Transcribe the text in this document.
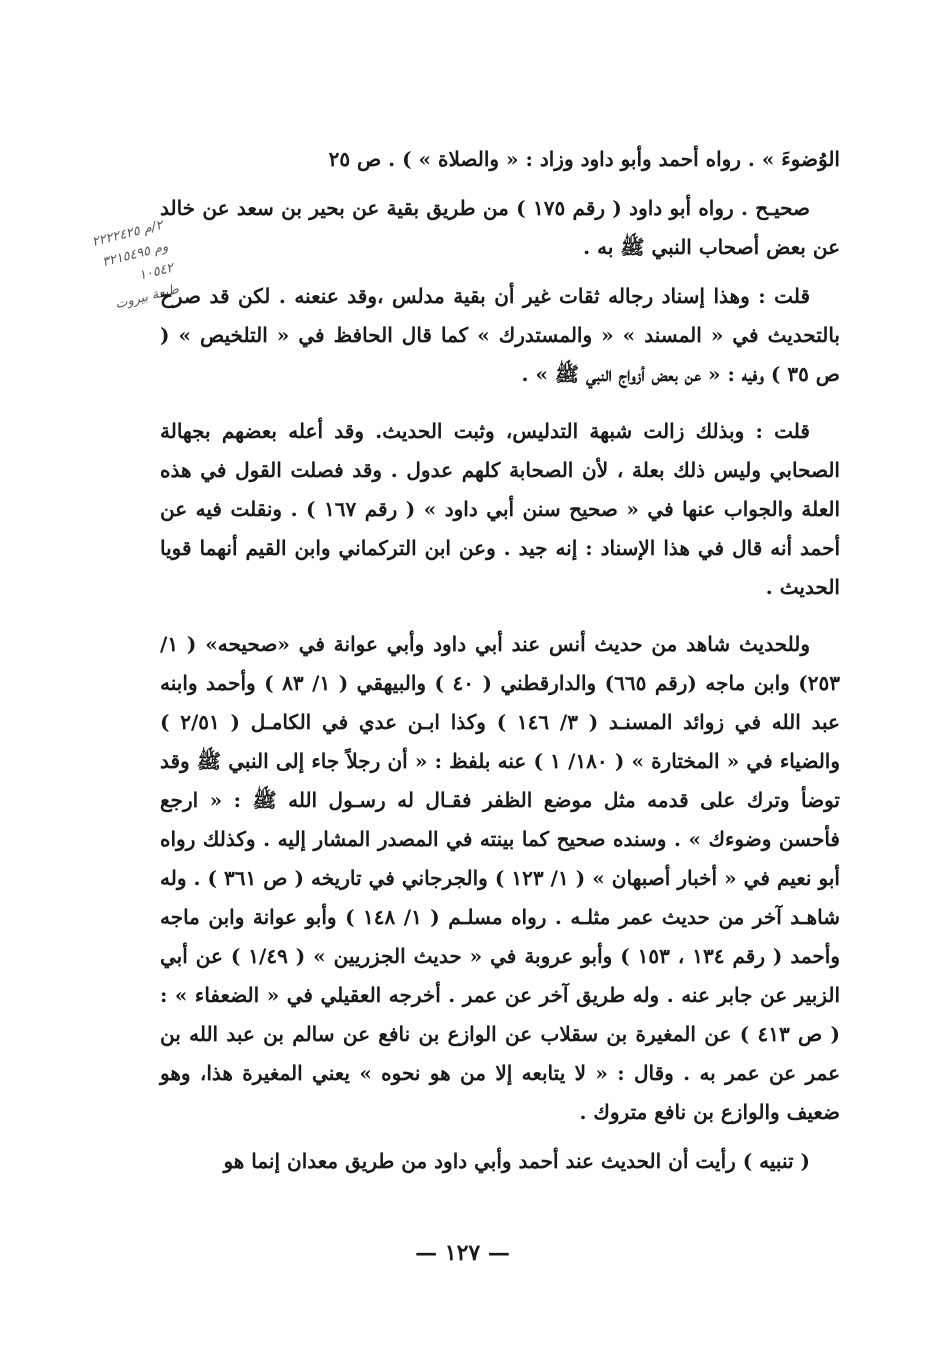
٢/م ٢٢٢٢٤٢٥
وم ٣٢١٥٤٩٥
١٠٥٤٢
طبعة بيروت

الوُضوءَ » . رواه أحمد وأبو داود وزاد : « والصلاة » ) . ص ٢٥

صحيـح . رواه أبو داود ( رقم ١٧٥ ) من طريق بقية عن بحير بن سعد عن خالد عن بعض أصحاب النبي ﷺ به .

قلت : وهذا إسناد رجاله ثقات غير أن بقية مدلس ،وقد عنعنه . لكن قد صرح بالتحديث في « المسند » « والمستدرك » كما قال الحافظ في « التلخيص » ( ص ٣٥ ) وفيه : « عن بعض أزواج النبي ﷺ » .

قلت : وبذلك زالت شبهة التدليس، وثبت الحديث. وقد أعله بعضهم بجهالة الصحابي وليس ذلك بعلة ، لأن الصحابة كلهم عدول . وقد فصلت القول في هذه العلة والجواب عنها في « صحيح سنن أبي داود » ( رقم ١٦٧ ) . ونقلت فيه عن أحمد أنه قال في هذا الإسناد : إنه جيد . وعن ابن التركماني وابن القيم أنهما قويا الحديث .

وللحديث شاهد من حديث أنس عند أبي داود وأبي عوانة في «صحيحه» ( ١/ ٢٥٣) وابن ماجه (رقم ٦٦٥) والدارقطني ( ٤٠ ) والبيهقي ( ١/ ٨٣ ) وأحمد وابنه عبد الله في زوائد المسنـد ( ٣/ ١٤٦ ) وكذا ابـن عدي في الكامـل ( ٢/٥١ ) والضياء في « المختارة » ( ١٨٠/ ١ ) عنه بلفظ : « أن رجلاً جاء إلى النبي ﷺ وقد توضأ وترك على قدمه مثل موضع الظفر فقـال له رسـول الله ﷺ : « ارجع فأحسن وضوءك » . وسنده صحيح كما بينته في المصدر المشار إليه . وكذلك رواه أبو نعيم في « أخبار أصبهان » ( ١/ ١٢٣ ) والجرجاني في تاريخه ( ص ٣٦١ ) . وله شاهـد آخر من حديث عمر مثلـه . رواه مسلـم ( ١/ ١٤٨ ) وأبو عوانة وابن ماجه وأحمد ( رقم ١٣٤ ، ١٥٣ ) وأبو عروبة في « حديث الجزريين » ( ١/٤٩ ) عن أبي الزبير عن جابر عنه . وله طريق آخر عن عمر . أخرجه العقيلي في « الضعفاء » : ( ص ٤١٣ ) عن المغيرة بن سقلاب عن الوازع بن نافع عن سالم بن عبد الله بن عمر عن عمر به . وقال : « لا يتابعه إلا من هو نحوه » يعني المغيرة هذا، وهو ضعيف والوازع بن نافع متروك .

( تنبيه ) رأيت أن الحديث عند أحمد وأبي داود من طريق معدان إنما هو

— ١٢٧ —
